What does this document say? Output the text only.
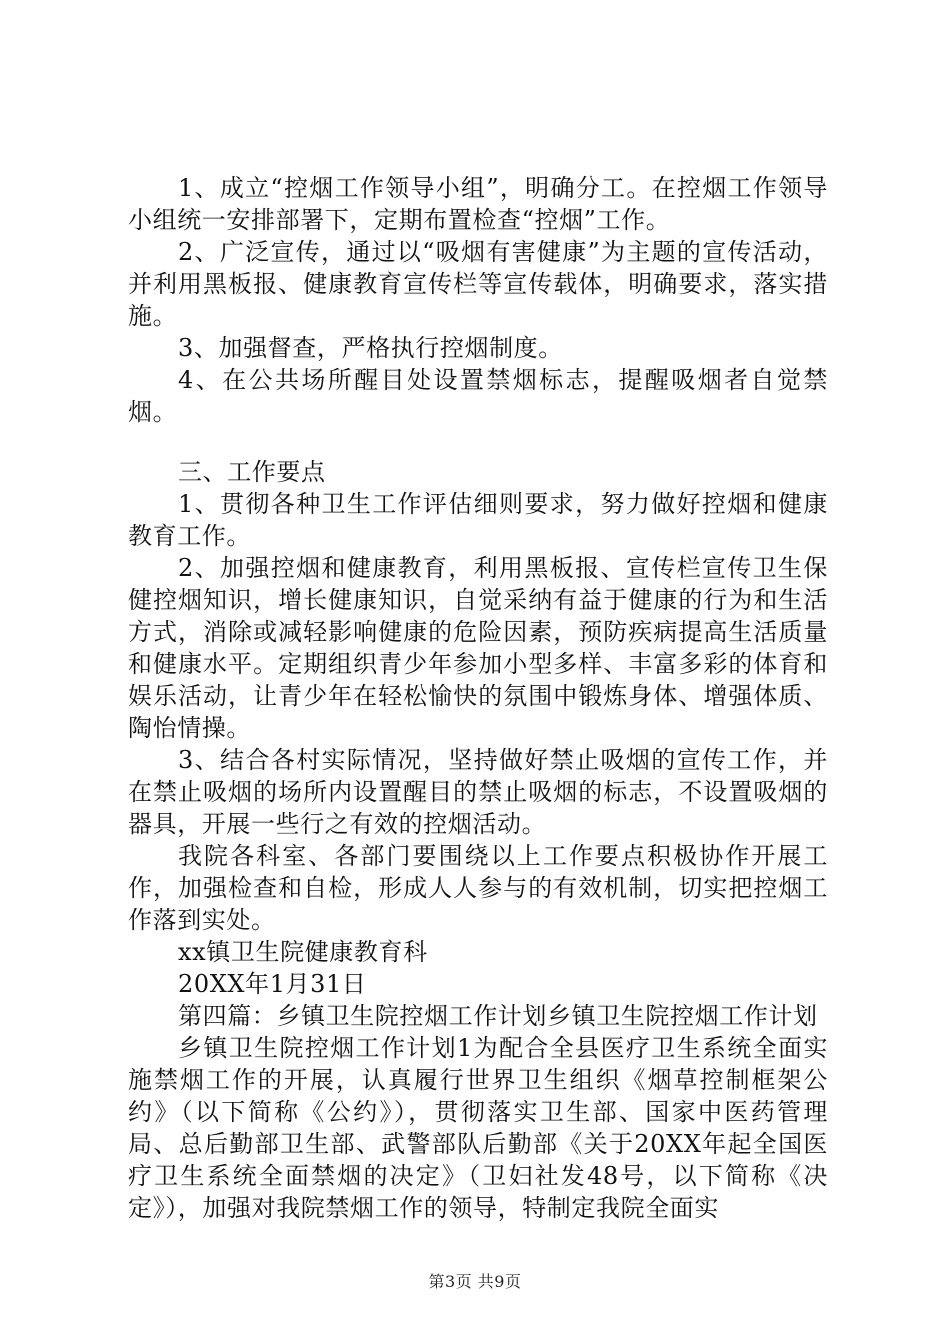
1、成立“控烟工作领导小组”，明确分工。在控烟工作领导小组统一安排部署下，定期布置检查“控烟”工作。

2、广泛宣传，通过以“吸烟有害健康”为主题的宣传活动，并利用黑板报、健康教育宣传栏等宣传载体，明确要求，落实措施。

3、加强督查，严格执行控烟制度。

4、在公共场所醒目处设置禁烟标志，提醒吸烟者自觉禁烟。

三、工作要点

1、贯彻各种卫生工作评估细则要求，努力做好控烟和健康教育工作。

2、加强控烟和健康教育，利用黑板报、宣传栏宣传卫生保健控烟知识，增长健康知识，自觉采纳有益于健康的行为和生活方式，消除或减轻影响健康的危险因素，预防疾病提高生活质量和健康水平。定期组织青少年参加小型多样、丰富多彩的体育和娱乐活动，让青少年在轻松愉快的氛围中锻炼身体、增强体质、陶怡情操。

3、结合各村实际情况，坚持做好禁止吸烟的宣传工作，并在禁止吸烟的场所内设置醒目的禁止吸烟的标志，不设置吸烟的器具，开展一些行之有效的控烟活动。

我院各科室、各部门要围绕以上工作要点积极协作开展工作，加强检查和自检，形成人人参与的有效机制，切实把控烟工作落到实处。

xx镇卫生院健康教育科

20XX年1月31日

第四篇：乡镇卫生院控烟工作计划乡镇卫生院控烟工作计划

乡镇卫生院控烟工作计划1为配合全县医疗卫生系统全面实施禁烟工作的开展，认真履行世界卫生组织《烟草控制框架公约》（以下简称《公约》），贯彻落实卫生部、国家中医药管理局、总后勤部卫生部、武警部队后勤部《关于20XX年起全国医疗卫生系统全面禁烟的决定》（卫妇社发48号，以下简称《决定》），加强对我院禁烟工作的领导，特制定我院全面实

第3页 共9页
